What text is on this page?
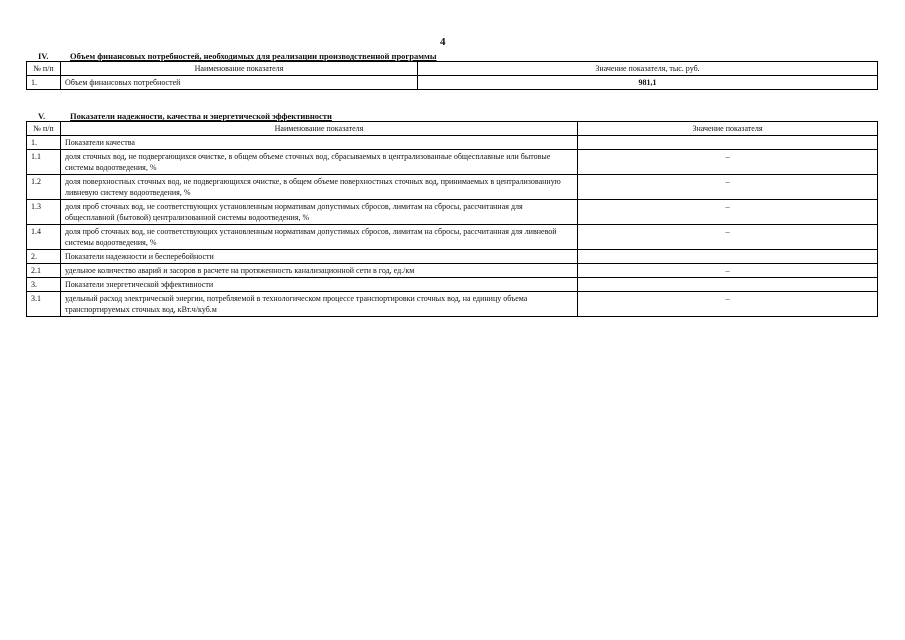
4
IV.	Объем финансовых потребностей, необходимых для реализации производственной программы
№ п/п	Наименование показателя	Значение показателя, тыс. руб.
1.	Объем финансовых потребностей	981,1
V.	Показатели надежности, качества и энергетической эффективности
№ п/п	Наименование показателя	Значение показателя
1.	Показатели качества	
1.1	доля сточных вод, не подвергающихся очистке, в общем объеме сточных вод, сбрасываемых в централизованные общесплавные или бытовые системы водоотведения, %	–
1.2	доля поверхностных сточных вод, не подвергающихся очистке, в общем объеме поверхностных сточных вод, принимаемых в централизованную ливневую систему водоотведения, %	–
1.3	доля проб сточных вод, не соответствующих установленным нормативам допустимых сбросов, лимитам на сбросы, рассчитанная для общесплавной (бытовой) централизованной системы водоотведения, %	–
1.4	доля проб сточных вод, не соответствующих установленным нормативам допустимых сбросов, лимитам на сбросы, рассчитанная для ливневой системы водоотведения, %	–
2.	Показатели надежности и бесперебойности	
2.1	удельное количество аварий и засоров в расчете на протяженность канализационной сети в год, ед./км	–
3.	Показатели энергетической эффективности	
3.1	удельный расход электрической энергии, потребляемой в технологическом процессе транспортировки сточных вод, на единицу объема транспортируемых сточных вод, кВт.ч/куб.м	–
